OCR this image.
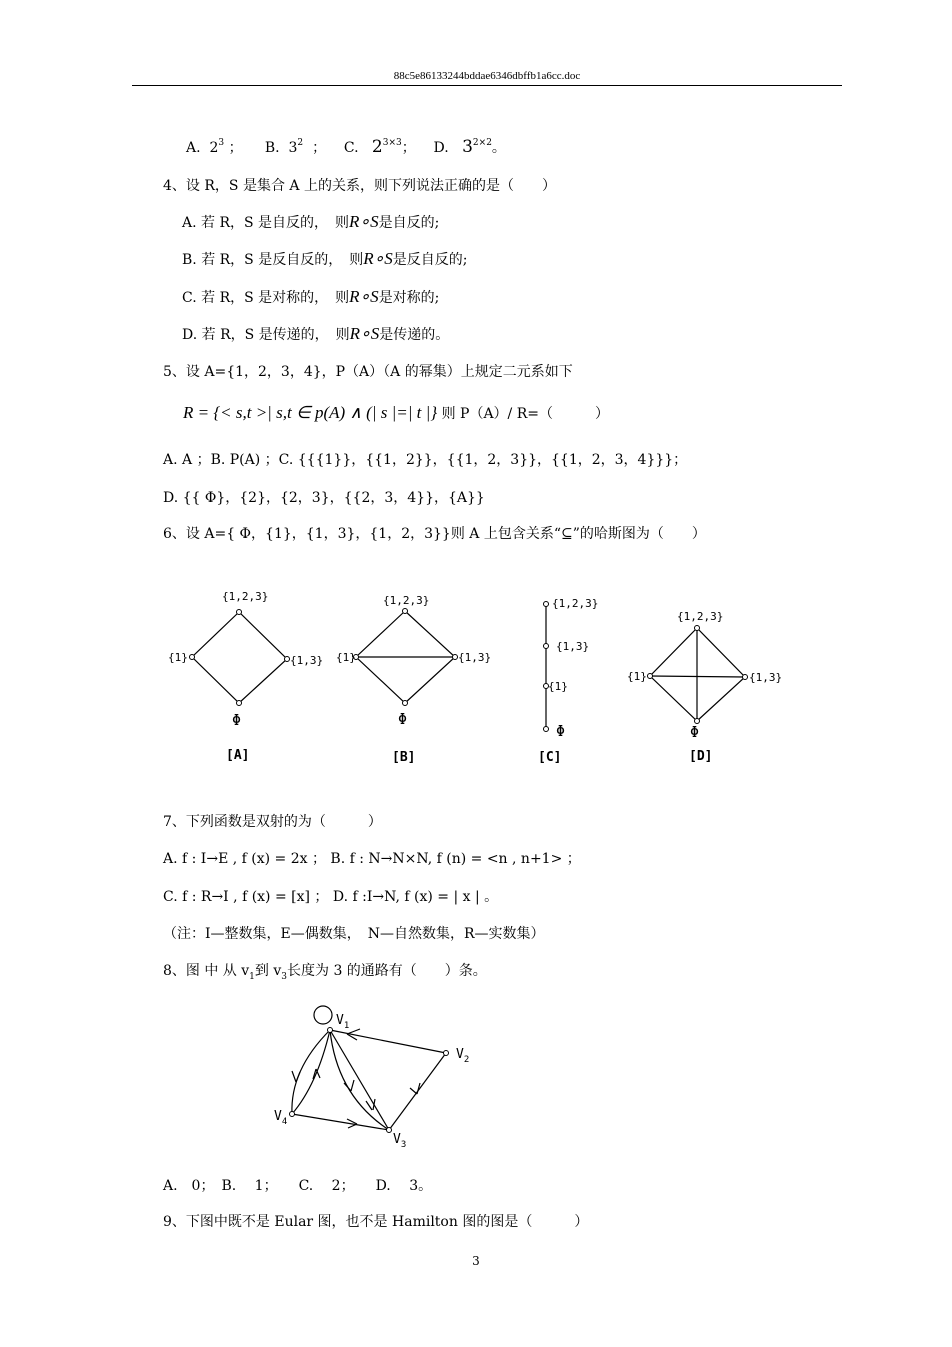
88c5e86133244bddae6346dbffb1a6cc.doc
A. $2^3$ ； B. $3^2$ ； C. $2^{3\times 3}$； D. $3^{2\times 2}$。
4、设 R，S 是集合 A 上的关系，则下列说法正确的是（　　）
A. 若 R，S 是自反的，　则R∘S是自反的;
B. 若 R，S 是反自反的，　则R∘S是反自反的;
C. 若 R，S 是对称的，　则R∘S是对称的;
D. 若 R，S 是传递的，　则R∘S是传递的。
5、设 A={1，2，3，4}，P（A）（A 的幂集）上规定二元系如下
R = {< s,t >| s,t ∈ p(A) ∧ (| s |=| t |} 则 P（A）/ R=（　　　）
A. A ；B. P(A) ；C. {{{1}}，{{1，2}}，{{1，2，3}}，{{1，2，3，4}}}；
D. {{ Φ}，{2}，{2，3}，{{2，3，4}}，{A}}
6、设 A={ Φ，{1}，{1，3}，{1，2，3}}则 A 上包含关系“⊆”的哈斯图为（　　）
{1,2,3}
{1}	{1,3}
Φ
{1,2,3}
{1}	{1,3}
Φ
{1,2,3}
{1,3}
{1}
Φ
{1,2,3}
{1}	{1,3}
Φ
[A]	[B]	[C]	[D]
$V_1$
$V_2$
$V_3$
$V_4$
7、下列函数是双射的为（　　　）
A. f : I→E , f (x) = 2x ； B. f : N→N×N, f (n) = <n , n+1> ；
C. f : R→I , f (x) = [x] ； D. f :I→N, f (x) = | x | 。
（注：I—整数集，E—偶数集，　N—自然数集，R—实数集）
8、图 中 从 $v_1$到 $v_3$长度为 3 的通路有（　　）条。
A.　0；　B.　 1；　　C.　 2；　　D.　 3。
9、下图中既不是 Eular 图，也不是 Hamilton 图的图是（　　　）
3
